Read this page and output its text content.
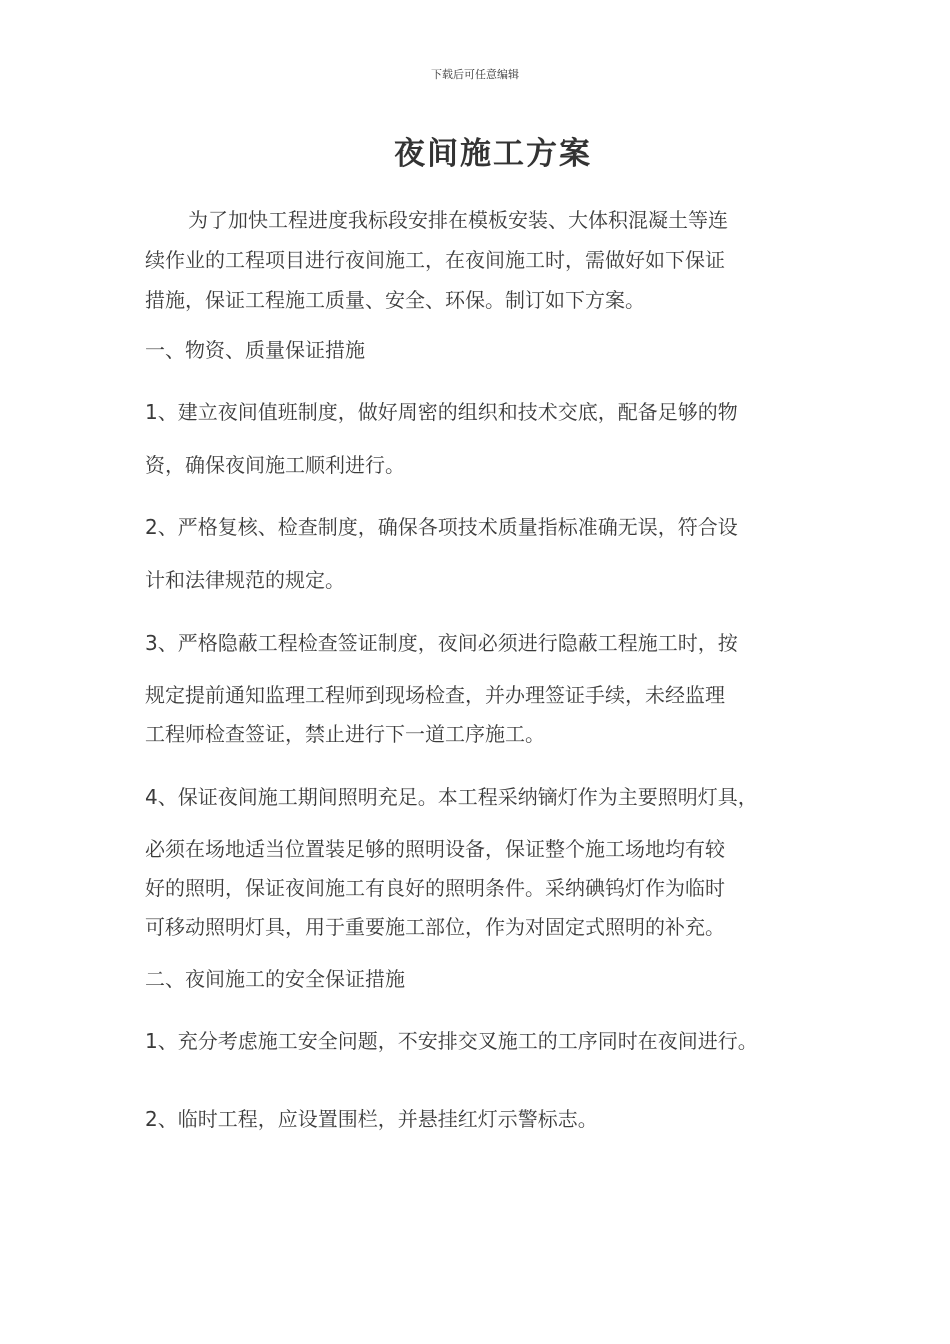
下载后可任意编辑
夜间施工方案
为了加快工程进度我标段安排在模板安装、大体积混凝土等连
续作业的工程项目进行夜间施工，在夜间施工时，需做好如下保证
措施，保证工程施工质量、安全、环保。制订如下方案。
一、物资、质量保证措施
1、建立夜间值班制度，做好周密的组织和技术交底，配备足够的物
资，确保夜间施工顺利进行。
2、严格复核、检查制度，确保各项技术质量指标准确无误，符合设
计和法律规范的规定。
3、严格隐蔽工程检查签证制度，夜间必须进行隐蔽工程施工时，按
规定提前通知监理工程师到现场检查，并办理签证手续，未经监理
工程师检查签证，禁止进行下一道工序施工。
4、保证夜间施工期间照明充足。本工程采纳镝灯作为主要照明灯具，
必须在场地适当位置装足够的照明设备，保证整个施工场地均有较
好的照明，保证夜间施工有良好的照明条件。采纳碘钨灯作为临时
可移动照明灯具，用于重要施工部位，作为对固定式照明的补充。
二、夜间施工的安全保证措施
1、充分考虑施工安全问题，不安排交叉施工的工序同时在夜间进行。
2、临时工程，应设置围栏，并悬挂红灯示警标志。
